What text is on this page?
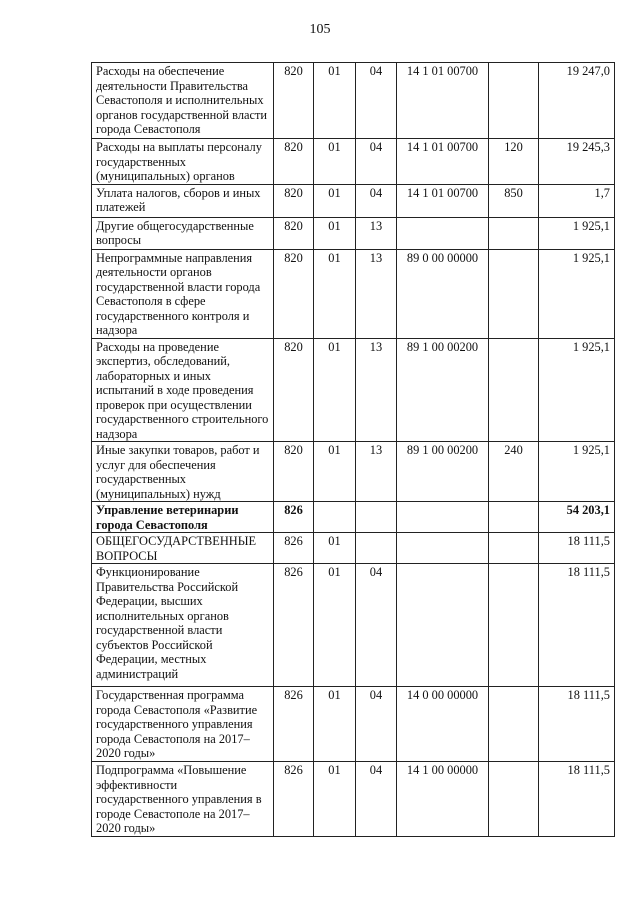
105
Расходы на обеспечение деятельности Правительства Севастополя и исполнительных органов государственной власти города Севастополя	820	01	04	14 1 01 00700		19 247,0
Расходы на выплаты персоналу государственных (муниципальных) органов	820	01	04	14 1 01 00700	120	19 245,3
Уплата налогов, сборов и иных платежей	820	01	04	14 1 01 00700	850	1,7
Другие общегосударственные вопросы	820	01	13			1 925,1
Непрограммные направления деятельности органов государственной власти города Севастополя в сфере государственного контроля и надзора	820	01	13	89 0 00 00000		1 925,1
Расходы на проведение экспертиз, обследований, лабораторных и иных испытаний в ходе проведения проверок при осуществлении государственного строительного надзора	820	01	13	89 1 00 00200		1 925,1
Иные закупки товаров, работ и услуг для обеспечения государственных (муниципальных) нужд	820	01	13	89 1 00 00200	240	1 925,1
Управление ветеринарии города Севастополя	826					54 203,1
ОБЩЕГОСУДАРСТВЕННЫЕ ВОПРОСЫ	826	01				18 111,5
Функционирование Правительства Российской Федерации, высших исполнительных органов государственной власти субъектов Российской Федерации, местных администраций	826	01	04			18 111,5
Государственная программа города Севастополя «Развитие государственного управления города Севастополя на 2017–2020 годы»	826	01	04	14 0 00 00000		18 111,5
Подпрограмма «Повышение эффективности государственного управления в городе Севастополе на 2017–2020 годы»	826	01	04	14 1 00 00000		18 111,5
